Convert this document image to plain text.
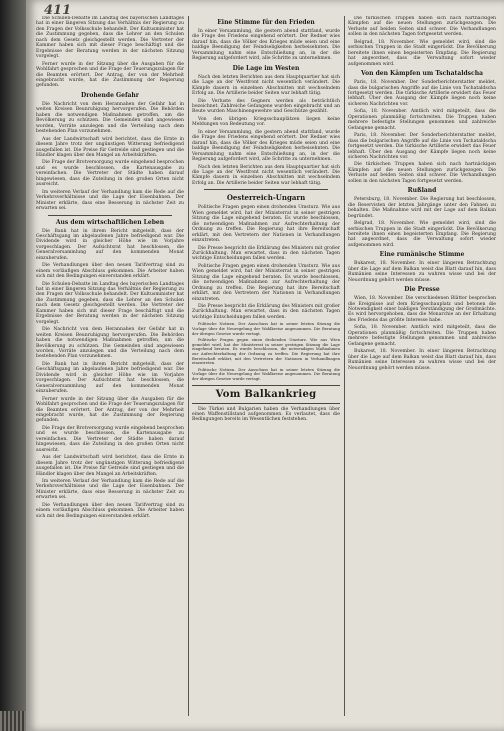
411

Die Schulen-Debatte im Landtag des bayerischen Landtages hat in einer längeren Sitzung das Verhältnis der Regierung zu den Fragen der Volksschule behandelt. Der Kultusminister hat die Zustimmung gegeben, dass die Lehrer an den Schulen nach dem Gesetz gleichgestellt werden. Die Vertreter der Kammer haben sich mit dieser Frage beschäftigt und die Ergebnisse der Beratung werden in der nächsten Sitzung vorgelegt.

Ferner wurde in der Sitzung über die Ausgaben für die Wohlfahrt gesprochen und die Frage der Teuerungszulagen für die Beamten erörtert. Der Antrag, der von der Mehrheit eingebracht wurde, hat die Zustimmung der Regierung gefunden.

Drohende Gefahr

Die Nachricht von dem Herannahen der Gefahr hat in weiten Kreisen Beunruhigung hervorgerufen. Die Behörden haben die notwendigen Maßnahmen getroffen, um die Bevölkerung zu schützen. Die Gemeinden sind angewiesen worden, Vorräte anzulegen und die Verteilung nach dem bestehenden Plan vorzunehmen.

Aus der Landwirtschaft wird berichtet, dass die Ernte in diesem Jahre trotz der ungünstigen Witterung befriedigend ausgefallen ist. Die Preise für Getreide sind gestiegen und die Händler klagen über den Mangel an Arbeitskräften.

Die Frage der Brotversorgung wurde eingehend besprochen und es wurde beschlossen, die Kartenausgabe zu vereinfachen. Die Vertreter der Städte haben darauf hingewiesen, dass die Zuteilung in den großen Orten nicht ausreicht.

Im weiteren Verlauf der Verhandlung kam die Rede auf die Verkehrsverhältnisse und die Lage der Eisenbahnen. Der Minister erklärte, dass eine Besserung in nächster Zeit zu erwarten sei.

Aus dem wirtschaftlichen Leben

Die Bank hat in ihrem Bericht mitgeteilt, dass der Geschäftsgang im abgelaufenen Jahre befriedigend war. Die Dividende wird in gleicher Höhe wie im Vorjahre vorgeschlagen. Der Aufsichtsrat hat beschlossen, die Generalversammlung auf den kommenden Monat einzuberufen.

Die Verhandlungen über den neuen Tarifvertrag sind zu einem vorläufigen Abschluss gekommen. Die Arbeiter haben sich mit den Bedingungen einverstanden erklärt.

Die Schulen-Debatte im Landtag des bayerischen Landtages hat in einer längeren Sitzung das Verhältnis der Regierung zu den Fragen der Volksschule behandelt. Der Kultusminister hat die Zustimmung gegeben, dass die Lehrer an den Schulen nach dem Gesetz gleichgestellt werden. Die Vertreter der Kammer haben sich mit dieser Frage beschäftigt und die Ergebnisse der Beratung werden in der nächsten Sitzung vorgelegt.

Die Nachricht von dem Herannahen der Gefahr hat in weiten Kreisen Beunruhigung hervorgerufen. Die Behörden haben die notwendigen Maßnahmen getroffen, um die Bevölkerung zu schützen. Die Gemeinden sind angewiesen worden, Vorräte anzulegen und die Verteilung nach dem bestehenden Plan vorzunehmen.

Die Bank hat in ihrem Bericht mitgeteilt, dass der Geschäftsgang im abgelaufenen Jahre befriedigend war. Die Dividende wird in gleicher Höhe wie im Vorjahre vorgeschlagen. Der Aufsichtsrat hat beschlossen, die Generalversammlung auf den kommenden Monat einzuberufen.

Ferner wurde in der Sitzung über die Ausgaben für die Wohlfahrt gesprochen und die Frage der Teuerungszulagen für die Beamten erörtert. Der Antrag, der von der Mehrheit eingebracht wurde, hat die Zustimmung der Regierung gefunden.

Die Frage der Brotversorgung wurde eingehend besprochen und es wurde beschlossen, die Kartenausgabe zu vereinfachen. Die Vertreter der Städte haben darauf hingewiesen, dass die Zuteilung in den großen Orten nicht ausreicht.

Aus der Landwirtschaft wird berichtet, dass die Ernte in diesem Jahre trotz der ungünstigen Witterung befriedigend ausgefallen ist. Die Preise für Getreide sind gestiegen und die Händler klagen über den Mangel an Arbeitskräften.

Im weiteren Verlauf der Verhandlung kam die Rede auf die Verkehrsverhältnisse und die Lage der Eisenbahnen. Der Minister erklärte, dass eine Besserung in nächster Zeit zu erwarten sei.

Die Verhandlungen über den neuen Tarifvertrag sind zu einem vorläufigen Abschluss gekommen. Die Arbeiter haben sich mit den Bedingungen einverstanden erklärt.

Eine Stimme für den Frieden

In einer Versammlung, die gestern abend stattfand, wurde die Frage des Friedens eingehend erörtert. Der Redner wies darauf hin, dass die Völker des Krieges müde seien und eine baldige Beendigung der Feindseligkeiten herbeisehnten. Die Versammlung nahm eine Entschließung an, in der die Regierung aufgefordert wird, alle Schritte zu unternehmen.

Die Lage im Westen

Nach den letzten Berichten aus dem Hauptquartier hat sich die Lage an der Westfront nicht wesentlich verändert. Die Kämpfe dauern in einzelnen Abschnitten mit wechselndem Erfolg an. Die Artillerie beider Seiten war lebhaft tätig.

Die Verluste des Gegners werden als beträchtlich bezeichnet. Zahlreiche Gefangene wurden eingebracht und an Beute wurden Maschinengewehre und Geschütze gezählt.

Von den übrigen Kriegsschauplätzen liegen keine Meldungen von Bedeutung vor.

In einer Versammlung, die gestern abend stattfand, wurde die Frage des Friedens eingehend erörtert. Der Redner wies darauf hin, dass die Völker des Krieges müde seien und eine baldige Beendigung der Feindseligkeiten herbeisehnten. Die Versammlung nahm eine Entschließung an, in der die Regierung aufgefordert wird, alle Schritte zu unternehmen.

Nach den letzten Berichten aus dem Hauptquartier hat sich die Lage an der Westfront nicht wesentlich verändert. Die Kämpfe dauern in einzelnen Abschnitten mit wechselndem Erfolg an. Die Artillerie beider Seiten war lebhaft tätig.

Oesterreich-Ungarn

Politische Fragen gegen einen drohenden Umsturz. Wie aus Wien gemeldet wird, hat der Ministerrat in seiner gestrigen Sitzung die Lage eingehend beraten. Es wurde beschlossen, die notwendigen Maßnahmen zur Aufrechterhaltung der Ordnung zu treffen. Die Regierung hat ihre Bereitschaft erklärt, mit den Vertretern der Nationen in Verhandlungen einzutreten.

Die Presse bespricht die Erklärung des Ministers mit großer Zurückhaltung. Man erwartet, dass in den nächsten Tagen wichtige Entscheidungen fallen werden.

Politische Fragen gegen einen drohenden Umsturz. Wie aus Wien gemeldet wird, hat der Ministerrat in seiner gestrigen Sitzung die Lage eingehend beraten. Es wurde beschlossen, die notwendigen Maßnahmen zur Aufrechterhaltung der Ordnung zu treffen. Die Regierung hat ihre Bereitschaft erklärt, mit den Vertretern der Nationen in Verhandlungen einzutreten.

Die Presse bespricht die Erklärung des Ministers mit großer Zurückhaltung. Man erwartet, dass in den nächsten Tagen wichtige Entscheidungen fallen werden.

Politische Notizen. Der Ausschuss hat in seiner letzten Sitzung die Vorlage über die Neuregelung der Wahlkreise angenommen. Die Beratung der übrigen Gesetze wurde vertagt.

Politische Fragen gegen einen drohenden Umsturz. Wie aus Wien gemeldet wird, hat der Ministerrat in seiner gestrigen Sitzung die Lage eingehend beraten. Es wurde beschlossen, die notwendigen Maßnahmen zur Aufrechterhaltung der Ordnung zu treffen. Die Regierung hat ihre Bereitschaft erklärt, mit den Vertretern der Nationen in Verhandlungen einzutreten.

Politische Notizen. Der Ausschuss hat in seiner letzten Sitzung die Vorlage über die Neuregelung der Wahlkreise angenommen. Die Beratung der übrigen Gesetze wurde vertagt.

Vom Balkankrieg

Die Türkei und Bulgarien haben die Verhandlungen über einen Waffenstillstand aufgenommen. Es verlautet, dass die Bedingungen bereits im Wesentlichen feststehen.

Die türkischen Truppen haben sich nach hartnäckigen Kämpfen auf die neuen Stellungen zurückgezogen. Die Verluste auf beiden Seiten sind schwer. Die Verhandlungen sollen in den nächsten Tagen fortgesetzt werden.

Belgrad, 18. November. Wie gemeldet wird, sind die serbischen Truppen in die Stadt eingerückt. Die Bevölkerung bereitete ihnen einen begeisterten Empfang. Die Regierung hat angeordnet, dass die Verwaltung sofort wieder aufgenommen wird.

Von den Kämpfen um Tschataldscha

Paris, 18. November. Der Sonderberichterstatter meldet, dass die bulgarischen Angriffe auf die Linie von Tschataldscha fortgesetzt werden. Die türkische Artillerie erwidert das Feuer lebhaft. Über den Ausgang der Kämpfe liegen noch keine sicheren Nachrichten vor.

Sofia, 18. November. Amtlich wird mitgeteilt, dass die Operationen planmäßig fortschreiten. Die Truppen haben mehrere befestigte Stellungen genommen und zahlreiche Gefangene gemacht.

Paris, 18. November. Der Sonderberichterstatter meldet, dass die bulgarischen Angriffe auf die Linie von Tschataldscha fortgesetzt werden. Die türkische Artillerie erwidert das Feuer lebhaft. Über den Ausgang der Kämpfe liegen noch keine sicheren Nachrichten vor.

Die türkischen Truppen haben sich nach hartnäckigen Kämpfen auf die neuen Stellungen zurückgezogen. Die Verluste auf beiden Seiten sind schwer. Die Verhandlungen sollen in den nächsten Tagen fortgesetzt werden.

Rußland

Petersburg, 18. November. Die Regierung hat beschlossen, die Reservisten der letzten Jahrgänge unter den Fahnen zu behalten. Die Maßnahme wird mit der Lage auf dem Balkan begründet.

Belgrad, 18. November. Wie gemeldet wird, sind die serbischen Truppen in die Stadt eingerückt. Die Bevölkerung bereitete ihnen einen begeisterten Empfang. Die Regierung hat angeordnet, dass die Verwaltung sofort wieder aufgenommen wird.

Eine rumänische Stimme

Bukarest, 18. November. In einer längeren Betrachtung über die Lage auf dem Balkan weist das Blatt darauf hin, dass Rumänien seine Interessen zu wahren wisse und bei der Neuordnung gehört werden müsse.

Die Presse

Wien, 18. November. Die verschiedenen Blätter besprechen die Ereignisse auf dem Kriegsschauplatz und betonen die Notwendigkeit einer baldigen Verständigung der Großmächte. Es wird hervorgehoben, dass die Monarchie an der Erhaltung des Friedens das größte Interesse habe.

Sofia, 18. November. Amtlich wird mitgeteilt, dass die Operationen planmäßig fortschreiten. Die Truppen haben mehrere befestigte Stellungen genommen und zahlreiche Gefangene gemacht.

Bukarest, 18. November. In einer längeren Betrachtung über die Lage auf dem Balkan weist das Blatt darauf hin, dass Rumänien seine Interessen zu wahren wisse und bei der Neuordnung gehört werden müsse.
